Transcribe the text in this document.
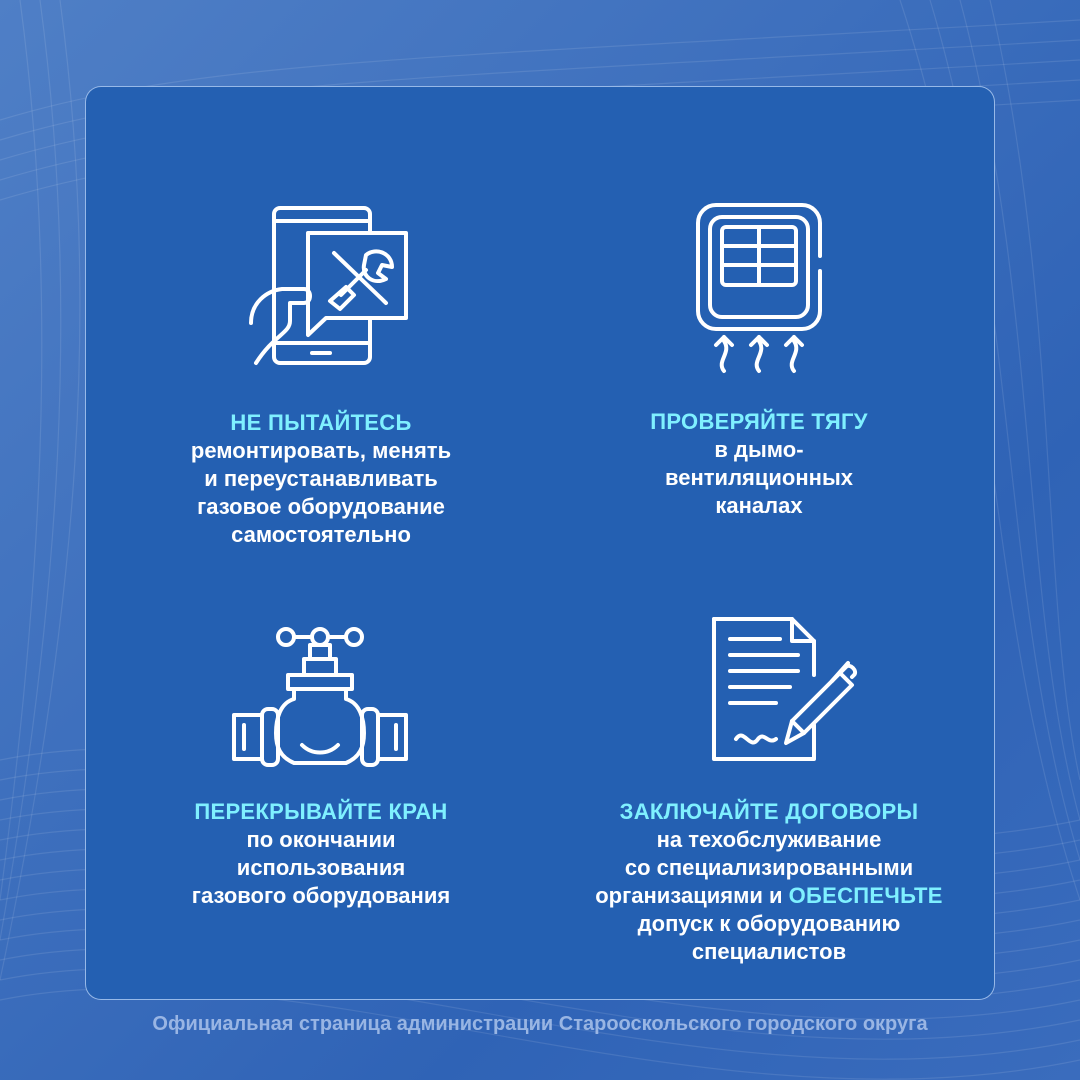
НЕ ПЫТАЙТЕСЬ
ремонтировать, менять
и переустанавливать
газовое оборудование
самостоятельно
ПРОВЕРЯЙТЕ ТЯГУ
в дымо-
вентиляционных
каналах
ПЕРЕКРЫВАЙТЕ КРАН
по окончании
использования
газового оборудования
ЗАКЛЮЧАЙТЕ ДОГОВОРЫ
на техобслуживание
со специализированными
организациями и ОБЕСПЕЧЬТЕ
допуск к оборудованию
специалистов
Официальная страница администрации Старооскольского городского округа
